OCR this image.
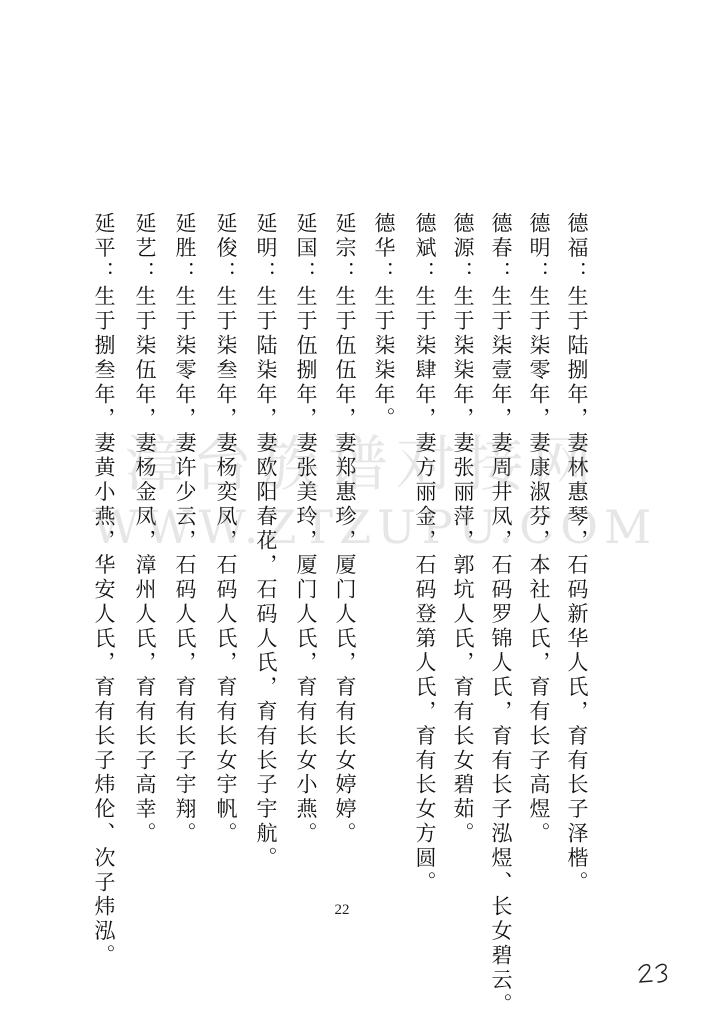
德福：生于陆捌年，妻林惠琴，石码新华人氏，育有长子泽楷。
德明：生于柒零年，妻康淑芬，本社人氏，育有长子高煜。
德春：生于柒壹年，妻周井凤，石码罗锦人氏，育有长子泓煜、长女碧云。
德源：生于柒柒年，妻张丽萍，郭坑人氏，育有长女碧茹。
德斌：生于柒肆年，妻方丽金，石码登第人氏，育有长女方圆。
德华：生于柒柒年。
延宗：生于伍伍年，妻郑惠珍，厦门人氏，育有长女婷婷。
延国：生于伍捌年，妻张美玲，厦门人氏，育有长女小燕。
延明：生于陆柒年，妻欧阳春花，石码人氏，育有长子宇航。
延俊：生于柒叁年，妻杨奕凤，石码人氏，育有长女宇帆。
延胜：生于柒零年，妻许少云，石码人氏，育有长子宇翔。
延艺：生于柒伍年，妻杨金凤，漳州人氏，育有长子高幸。
延平：生于捌叁年，妻黄小燕，华安人氏，育有长子炜伦、次子炜泓。 漳台族谱对接网
WWW.ZTZUPU.COM
22
